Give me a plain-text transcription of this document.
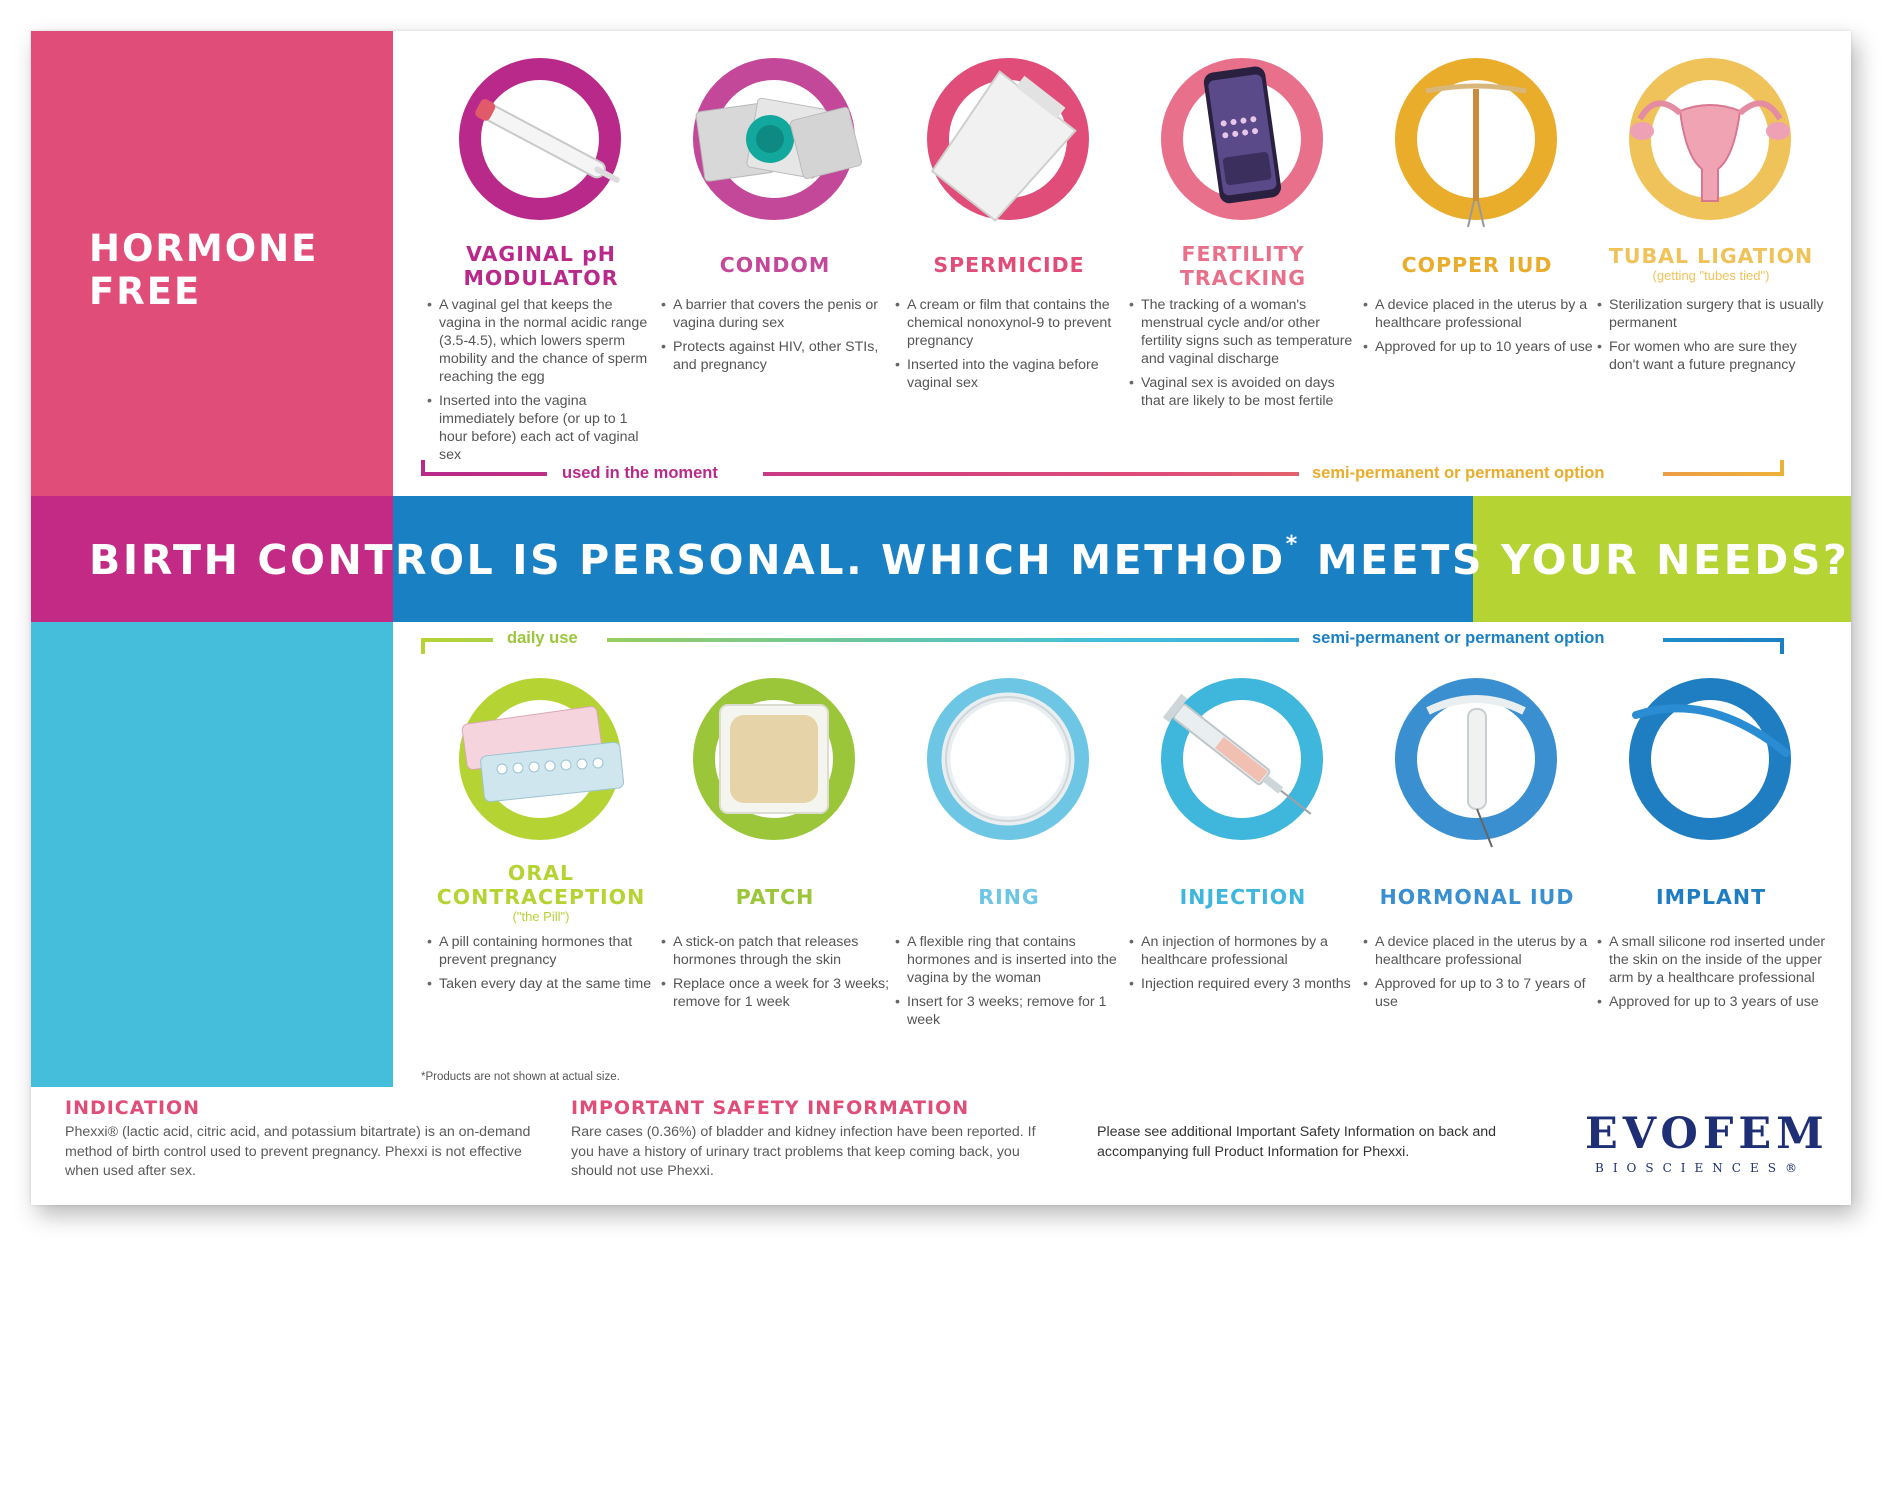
HORMONE
FREE
CONTAINS
HORMONES
BIRTH CONTROL IS PERSONAL. WHICH METHOD* MEETS YOUR NEEDS?
used in the moment	semi-permanent or permanent option
daily use	semi-permanent or permanent option
VAGINAL pH
MODULATOR
• A vaginal gel that keeps the vagina in the normal acidic range (3.5-4.5), which lowers sperm mobility and the chance of sperm reaching the egg
• Inserted into the vagina immediately before (or up to 1 hour before) each act of vaginal sex
CONDOM
• A barrier that covers the penis or vagina during sex
• Protects against HIV, other STIs, and pregnancy
SPERMICIDE
• A cream or film that contains the chemical nonoxynol-9 to prevent pregnancy
• Inserted into the vagina before vaginal sex
FERTILITY
TRACKING
• The tracking of a woman's menstrual cycle and/or other fertility signs such as temperature and vaginal discharge
• Vaginal sex is avoided on days that are likely to be most fertile
COPPER IUD
• A device placed in the uterus by a healthcare professional
• Approved for up to 10 years of use
TUBAL LIGATION
(getting "tubes tied")
• Sterilization surgery that is usually permanent
• For women who are sure they don't want a future pregnancy
ORAL
CONTRACEPTION
("the Pill")
• A pill containing hormones that prevent pregnancy
• Taken every day at the same time
PATCH
• A stick-on patch that releases hormones through the skin
• Replace once a week for 3 weeks; remove for 1 week
RING
• A flexible ring that contains hormones and is inserted into the vagina by the woman
• Insert for 3 weeks; remove for 1 week
INJECTION
• An injection of hormones by a healthcare professional
• Injection required every 3 months
HORMONAL IUD
• A device placed in the uterus by a healthcare professional
• Approved for up to 3 to 7 years of use
IMPLANT
• A small silicone rod inserted under the skin on the inside of the upper arm by a healthcare professional
• Approved for up to 3 years of use
*Products are not shown at actual size.
INDICATION
Phexxi® (lactic acid, citric acid, and potassium bitartrate) is an on-demand method of birth control used to prevent pregnancy. Phexxi is not effective when used after sex.
IMPORTANT SAFETY INFORMATION
Rare cases (0.36%) of bladder and kidney infection have been reported. If you have a history of urinary tract problems that keep coming back, you should not use Phexxi.
Please see additional Important Safety Information on back and accompanying full Product Information for Phexxi.	EVOFEM
BIOSCIENCES®
